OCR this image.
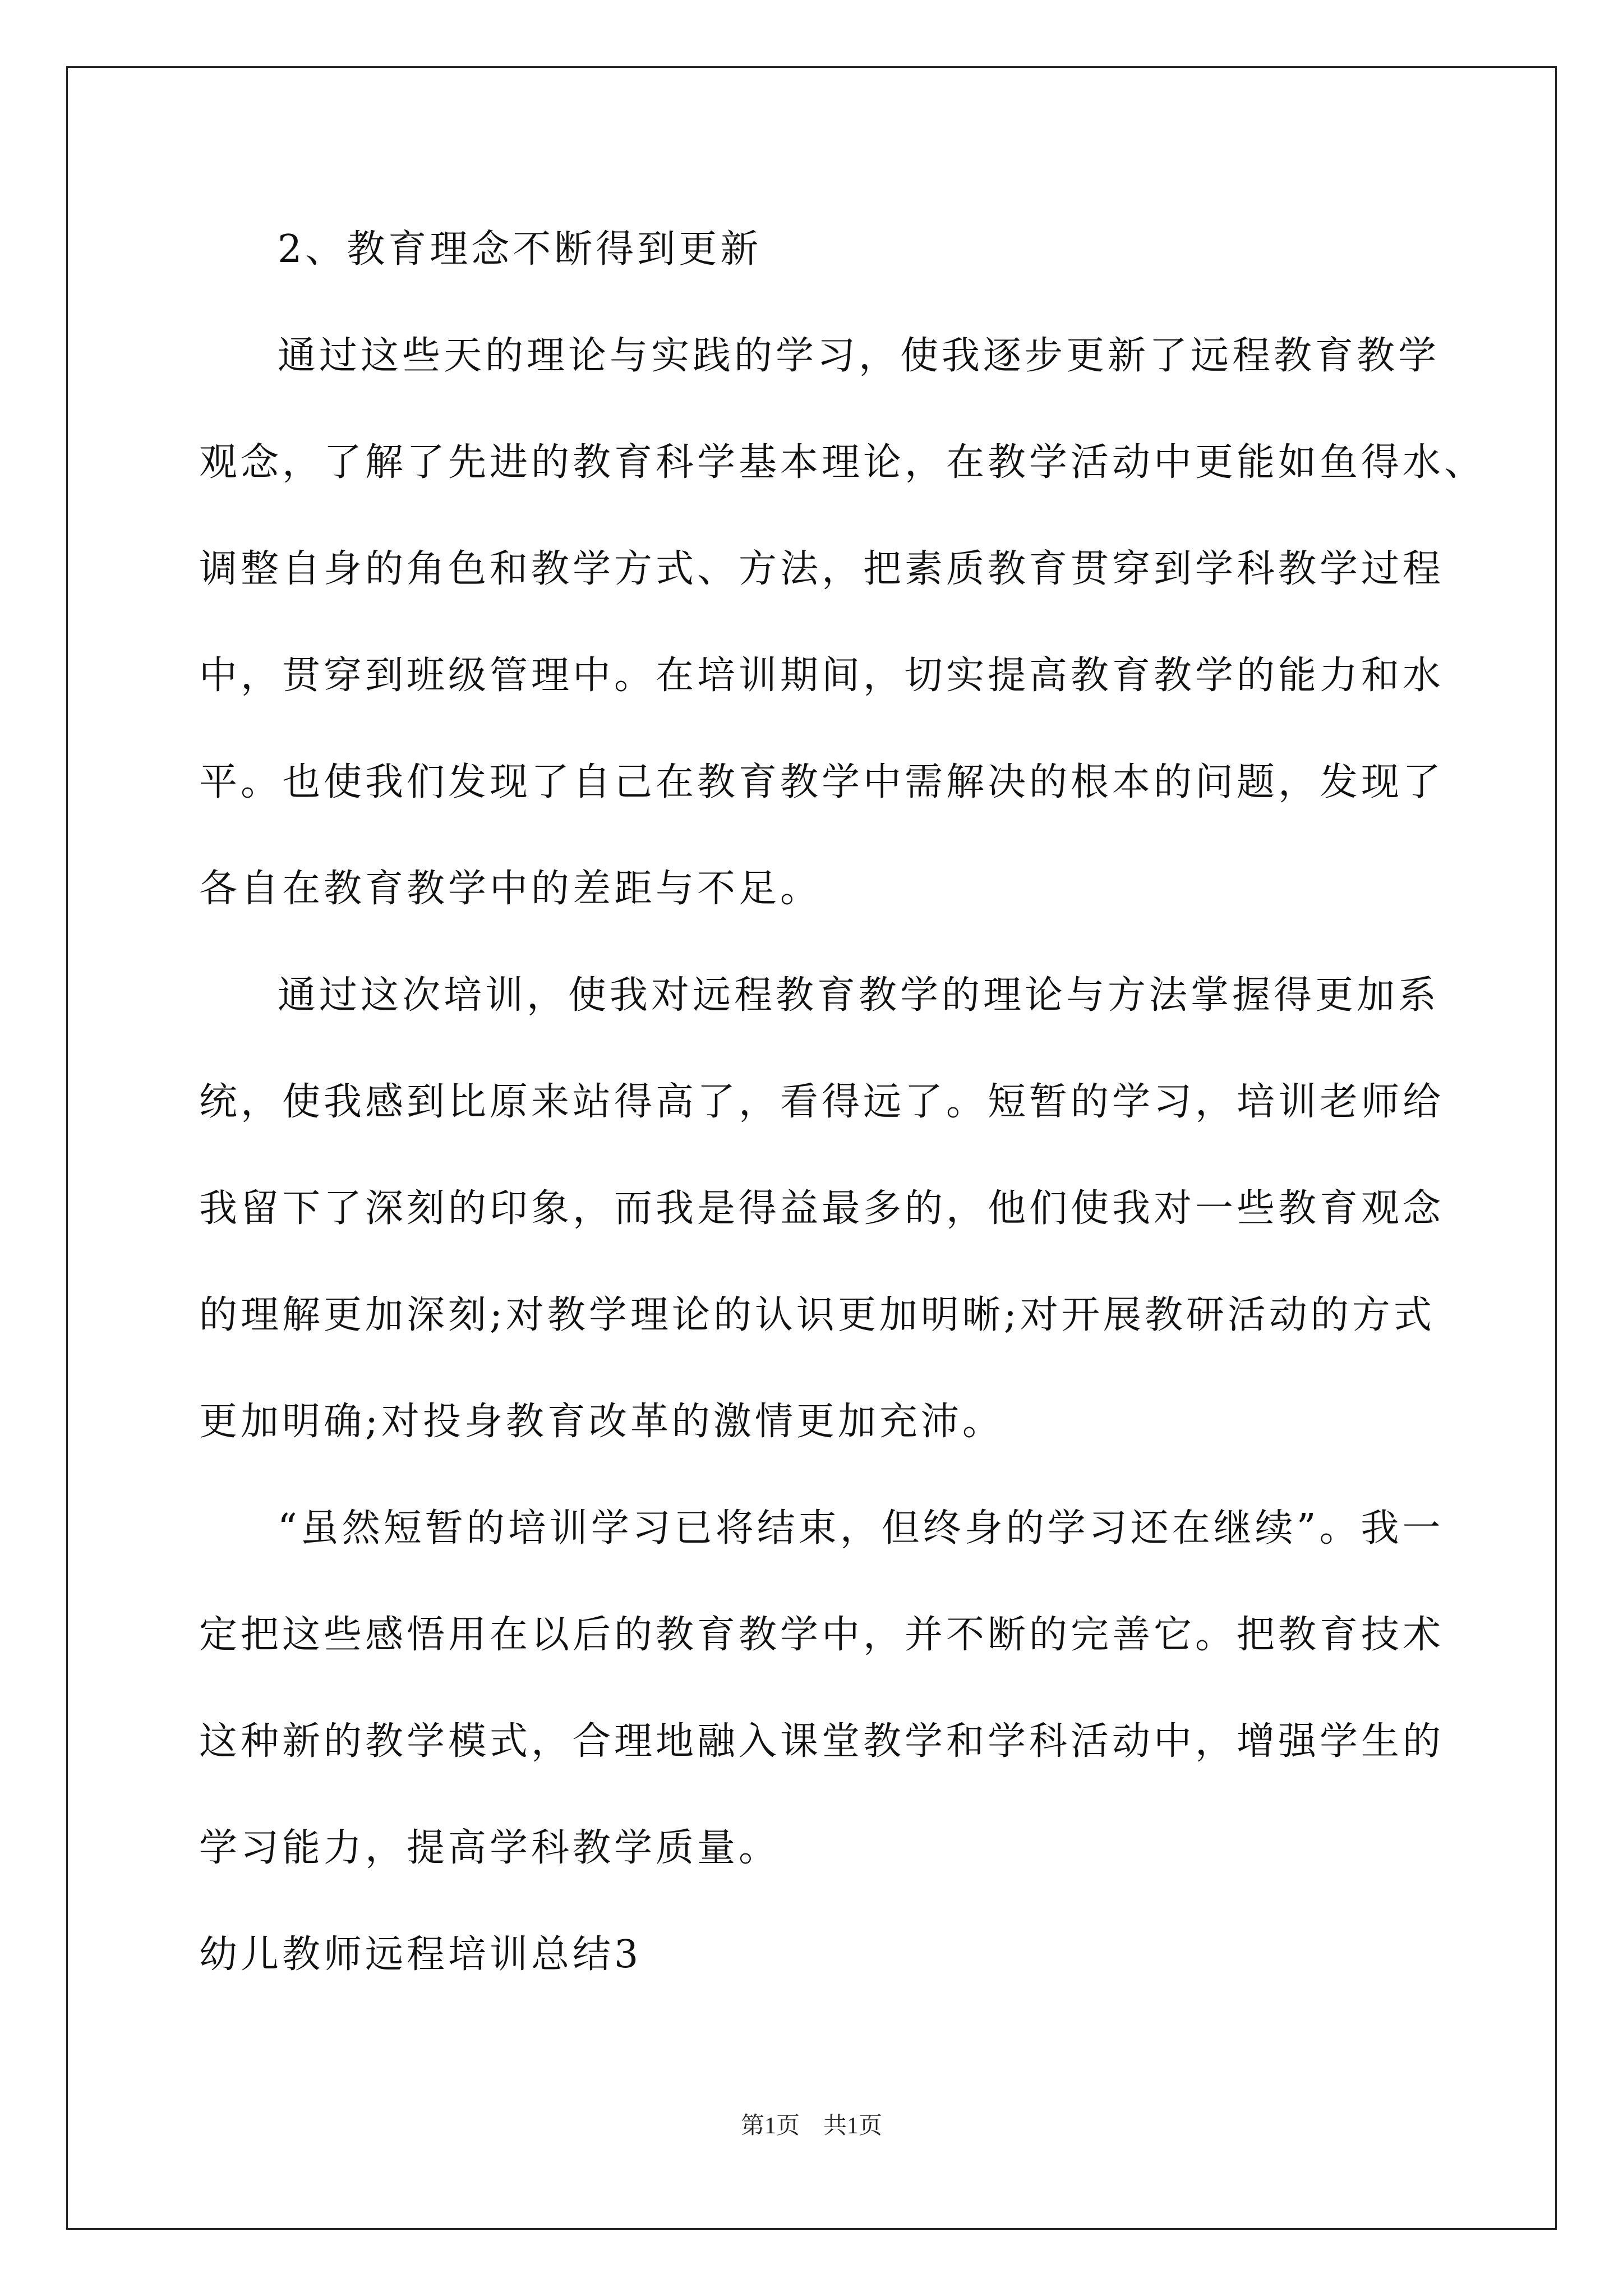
2、教育理念不断得到更新
通过这些天的理论与实践的学习，使我逐步更新了远程教育教学
观念，了解了先进的教育科学基本理论，在教学活动中更能如鱼得水、
调整自身的角色和教学方式、方法，把素质教育贯穿到学科教学过程
中，贯穿到班级管理中。在培训期间，切实提高教育教学的能力和水
平。也使我们发现了自己在教育教学中需解决的根本的问题，发现了
各自在教育教学中的差距与不足。
通过这次培训，使我对远程教育教学的理论与方法掌握得更加系
统，使我感到比原来站得高了，看得远了。短暂的学习，培训老师给
我留下了深刻的印象，而我是得益最多的，他们使我对一些教育观念
的理解更加深刻;对教学理论的认识更加明晰;对开展教研活动的方式
更加明确;对投身教育改革的激情更加充沛。
“虽然短暂的培训学习已将结束，但终身的学习还在继续”。我一
定把这些感悟用在以后的教育教学中，并不断的完善它。把教育技术
这种新的教学模式，合理地融入课堂教学和学科活动中，增强学生的
学习能力，提高学科教学质量。
幼儿教师远程培训总结3
第1页　共1页
